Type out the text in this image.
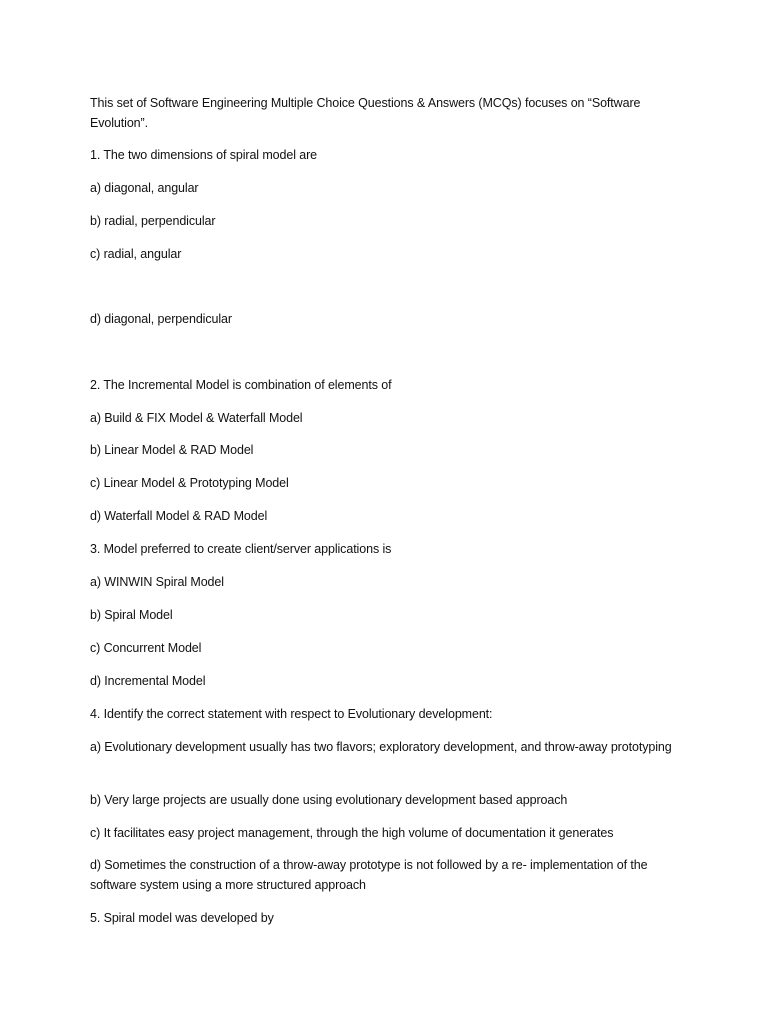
This set of Software Engineering Multiple Choice Questions & Answers (MCQs) focuses on “Software Evolution”.
1. The two dimensions of spiral model are
a) diagonal, angular
b) radial, perpendicular
c) radial, angular
d) diagonal, perpendicular
2. The Incremental Model is combination of elements of
a) Build & FIX Model & Waterfall Model
b) Linear Model & RAD Model
c) Linear Model & Prototyping Model
d) Waterfall Model & RAD Model
3. Model preferred to create client/server applications is
a) WINWIN Spiral Model
b) Spiral Model
c) Concurrent Model
d) Incremental Model
4. Identify the correct statement with respect to Evolutionary development:
a) Evolutionary development usually has two flavors; exploratory development, and throw-away prototyping
b) Very large projects are usually done using evolutionary development based approach
c) It facilitates easy project management, through the high volume of documentation it generates
d) Sometimes the construction of a throw-away prototype is not followed by a re- implementation of the software system using a more structured approach
5. Spiral model was developed by
